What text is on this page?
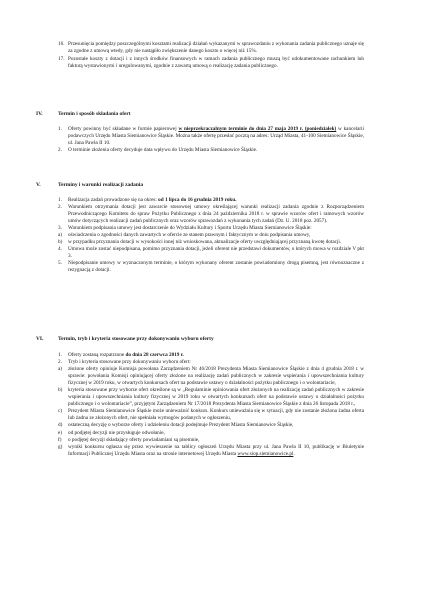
16. Przesunięcia pomiędzy poszczególnymi kosztami realizacji działań wykazanymi w sprawozdaniu z wykonania zadania publicznego uznaje się za zgodne z umową wtedy, gdy nie nastąpiło zwiększenie danego kosztu o więcej niż 15%.

17. Pozostałe koszty z dotacji i z innych środków finansowych w ramach zadania publicznego muszą być udokumentowane rachunkiem lub fakturą wystawionymi i uregulowanymi, zgodnie z zawartą umową o realizację zadania publicznego.

IV.	Termin i sposób składania ofert

1. Oferty powinny być składane w formie papierowej w nieprzekraczalnym terminie do dnia 27 maja 2019 r. (poniedziałek) w kancelarii podawczych Urzędu Miasta Siemianowice Śląskie. Można także ofertę przesłać pocztą na adres: Urząd Miasta, 41-100 Siemianowice Śląskie, ul. Jana Pawła II 10.

2. O terminie złożenia oferty decyduje data wpływu do Urzędu Miasta Siemianowice Śląskie.

V.	Terminy i warunki realizacji zadania

1. Realizacja zadań prowadzone się na okres: od 1 lipca do 16 grudnia 2019 roku.

2. Warunkiem otrzymania dotacji jest zawarcie stosownej umowy określającej warunki realizacji zadania zgodnie z Rozporządzeniem Przewodniczącego Komitetu do spraw Pożytku Publicznego z dnia 24 października 2018 r. w sprawie wzorów ofert i ramowych wzorów umów dotyczących realizacji zadań publicznych oraz wzorów sprawozdań z wykonania tych zadań (Dz. U. 2018 poz. 2057).

3. Warunkiem podpisania umowy jest dostarczenie do Wydziału Kultury i Sportu Urzędu Miasta Siemianowice Śląskie:

a) oświadczenia o zgodności danych zawartych w ofercie ze stanem prawnym i faktycznym w dniu podpisania umowy,

b) w przypadku przyznania dotacji w wysokości innej niż wnioskowana, aktualizacje oferty uwzględniającej przyznaną kwotę dotacji.

4. Umowa może zostać niepodpisana, pomimo przyznania dotacji, jeżeli oferent nie przedstawi dokumentów, o których mowa w rozdziale V pkt 3.

5. Niepodpisanie umowy w wyznaczonym terminie, o którym wykonany oferent zostanie powiadomiony drogą pisemną, jest równoznaczne z rezygnacją z dotacji.

VI.	Termin, tryb i kryteria stosowane przy dokonywaniu wyboru oferty

1. Oferty zostaną rozpatrzone do dnia 28 czerwca 2019 r.

2. Tryb i kryteria stosowane przy dokonywaniu wyboru ofert:

a) złożone oferty opiniuje Komisja powołana Zarządzeniem Nr 46/2018 Prezydenta Miasta Siemianowice Śląskie z dnia 4 grudnia 2018 r. w sprawie: powołania Komisji opiniującej oferty złożone na realizację zadań publicznych w zakresie wspierania i upowszechniania kultury fizycznej w 2019 roku, w otwartych konkursach ofert na podstawie ustawy o działalności pożytku publicznego i o wolontariacie,

b) kryteria stosowane przy wyborze ofert określone są w „Regulaminie opiniowania ofert złożonych na realizację zadań publicznych w zakresie wspierania i upowszechniania kultury fizycznej w 2019 roku w otwartych konkursach ofert na podstawie ustawy o działalności pożytku publicznego i o wolontariacie”, przyjętym Zarządzeniem Nr 17/2018 Prezydenta Miasta Siemianowice Śląskie z dnia 26 listopada 2018 r.,

c) Prezydent Miasta Siemianowice Śląskie może unieważnić konkurs. Konkurs unieważnia się w sytuacji, gdy nie zostanie złożona żadna oferta lub żadna ze złożonych ofert, nie spełniała wymogów podanych w ogłoszeniu,

d) ostateczną decyzję o wyborze oferty i udzieleniu dotacji podejmuje Prezydent Miasta Siemianowice Śląskie,

e) od podjętej decyzji nie przysługuje odwołanie,

f) o podjętej decyzji składający oferty powiadamiani są pisemnie,

g) wyniki konkursu ogłasza się przez wywieszenie na tablicy ogłoszeń Urzędu Miasta przy ul. Jana Pawła II 10, publikację w Biuletynie Informacji Publicznej Urzędu Miasta oraz na stronie internetowej Urzędu Miasta www.siop.siemianowice.pl.
